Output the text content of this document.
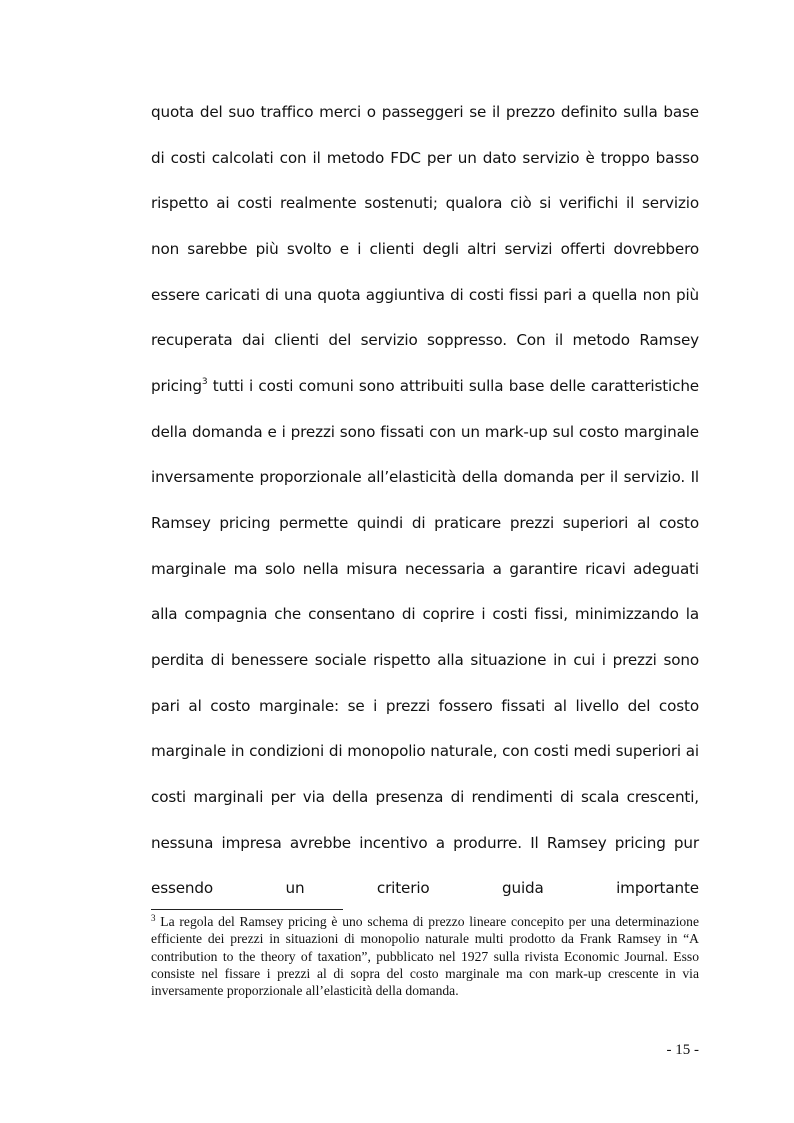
quota del suo traffico merci o passeggeri se il prezzo definito sulla base di costi calcolati con il metodo FDC per un dato servizio è troppo basso rispetto ai costi realmente sostenuti; qualora ciò si verifichi il servizio non sarebbe più svolto e i clienti degli altri servizi offerti dovrebbero essere caricati di una quota aggiuntiva di costi fissi pari a quella non più recuperata dai clienti del servizio soppresso. Con il metodo Ramsey pricing$^3$ tutti i costi comuni sono attribuiti sulla base delle caratteristiche della domanda e i prezzi sono fissati con un mark-up sul costo marginale inversamente proporzionale all’elasticità della domanda per il servizio. Il Ramsey pricing permette quindi di praticare prezzi superiori al costo marginale ma solo nella misura necessaria a garantire ricavi adeguati alla compagnia che consentano di coprire i costi fissi, minimizzando la perdita di benessere sociale rispetto alla situazione in cui i prezzi sono pari al costo marginale: se i prezzi fossero fissati al livello del costo marginale in condizioni di monopolio naturale, con costi medi superiori ai costi marginali per via della presenza di rendimenti di scala crescenti, nessuna impresa avrebbe incentivo a produrre. Il Ramsey pricing pur essendo un criterio guida importante

$^3$ La regola del Ramsey pricing è uno schema di prezzo lineare concepito per una determinazione efficiente dei prezzi in situazioni di monopolio naturale multi prodotto da Frank Ramsey in “A contribution to the theory of taxation”, pubblicato nel 1927 sulla rivista Economic Journal. Esso consiste nel fissare i prezzi al di sopra del costo marginale ma con mark-up crescente in via inversamente proporzionale all’elasticità della domanda.

- 15 -
